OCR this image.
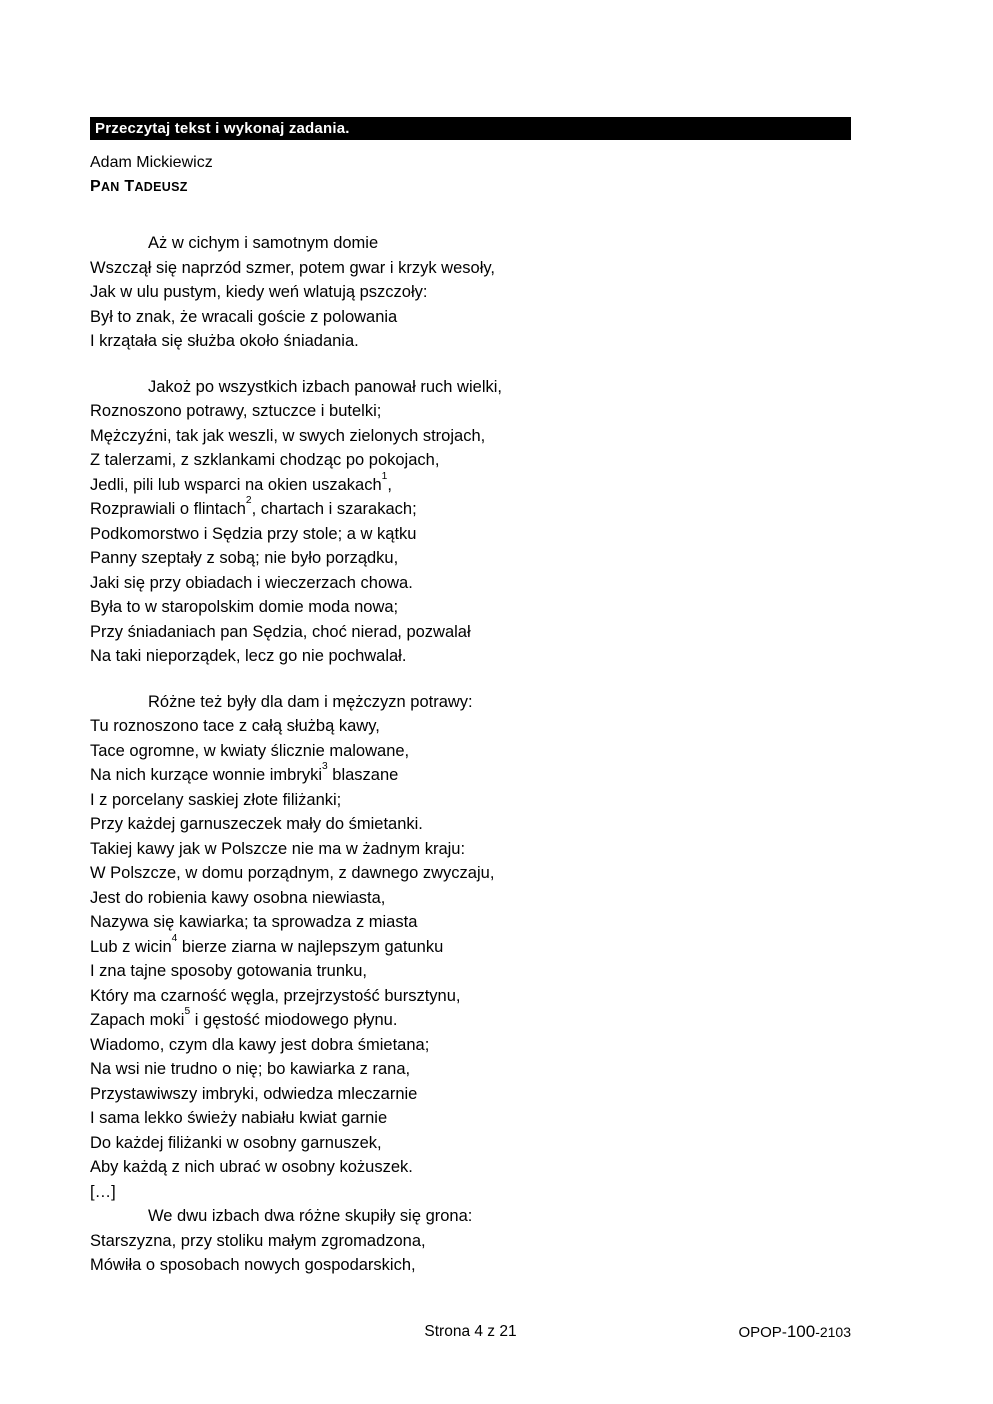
Przeczytaj tekst i wykonaj zadania.
Adam Mickiewicz
PAN TADEUSZ
Aż w cichym i samotnym domie
Wszczął się naprzód szmer, potem gwar i krzyk wesoły,
Jak w ulu pustym, kiedy weń wlatują pszczoły:
Był to znak, że wracali goście z polowania
I krzątała się służba około śniadania.
Jakoż po wszystkich izbach panował ruch wielki,
Roznoszono potrawy, sztuczce i butelki;
Mężczyźni, tak jak weszli, w swych zielonych strojach,
Z talerzami, z szklankami chodząc po pokojach,
Jedli, pili lub wsparci na okien uszakach$^1$,
Rozprawiali o flintach$^2$, chartach i szarakach;
Podkomorstwo i Sędzia przy stole; a w kątku
Panny szeptały z sobą; nie było porządku,
Jaki się przy obiadach i wieczerzach chowa.
Była to w staropolskim domie moda nowa;
Przy śniadaniach pan Sędzia, choć nierad, pozwalał
Na taki nieporządek, lecz go nie pochwalał.
Różne też były dla dam i mężczyzn potrawy:
Tu roznoszono tace z całą służbą kawy,
Tace ogromne, w kwiaty ślicznie malowane,
Na nich kurzące wonnie imbryki$^3$ blaszane
I z porcelany saskiej złote filiżanki;
Przy każdej garnuszeczek mały do śmietanki.
Takiej kawy jak w Polszcze nie ma w żadnym kraju:
W Polszcze, w domu porządnym, z dawnego zwyczaju,
Jest do robienia kawy osobna niewiasta,
Nazywa się kawiarka; ta sprowadza z miasta
Lub z wicin$^4$ bierze ziarna w najlepszym gatunku
I zna tajne sposoby gotowania trunku,
Który ma czarność węgla, przejrzystość bursztynu,
Zapach moki$^5$ i gęstość miodowego płynu.
Wiadomo, czym dla kawy jest dobra śmietana;
Na wsi nie trudno o nię; bo kawiarka z rana,
Przystawiwszy imbryki, odwiedza mleczarnie
I sama lekko świeży nabiału kwiat garnie
Do każdej filiżanki w osobny garnuszek,
Aby każdą z nich ubrać w osobny kożuszek.
[…]
We dwu izbach dwa różne skupiły się grona:
Starszyzna, przy stoliku małym zgromadzona,
Mówiła o sposobach nowych gospodarskich,
Strona 4 z 21	OPOP-100-2103
